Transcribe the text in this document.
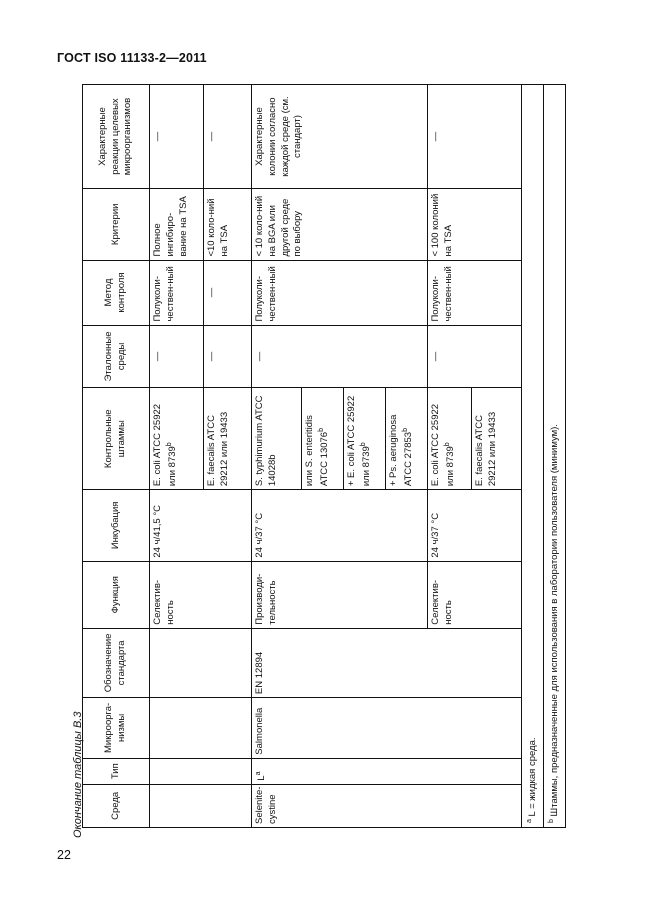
ГОСТ ISO 11133-2—2011
Окончание таблицы В.3	Среда	Тип	Микроорга-низмы	Обозначение стандарта	Функция	Инкубация	Контрольные штаммы	Эталонные среды	Метод контроля	Критерии	Характерные реакции целевых микроорганизмов
				Селектив-ность	24 ч/41,5 °C	E. coli ATCC 25922 или 8739$^b$	—	Полуколи-чествен-ный	Полное ингибиро-вание на TSA	—
						E. faecalis ATCC 29212 или 19433	—	—	<10 коло-ний на TSA	—
Selenite-cystine	$L^a$	Salmonella	EN 12894	Производи-тельность	24 ч/37 °C	S. typhimurium ATCC 14028b	—	Полуколи-чествен-ный	< 10 коло-ний на BGA или другой среде по выбору	Характерные колонии согласно каждой среде (см. стандарт)
						или S. enteritidis ATCC 13076$^b$
						+ E. coli ATCC 25922 или 8739$^b$
						+ Ps. aeruginosa ATCC 27853$^b$
				Селектив-ность	24 ч/37 °C	E. coli ATCC 25922 или 8739$^b$	—	Полуколи-чествен-ный	< 100 колоний на TSA	—
						E. faecalis ATCC 29212 или 19433				
$^a$ L = жидкая среда.										
$^b$ Штаммы, предназначенные для использования в лаборатории пользователя (минимум).										
22
